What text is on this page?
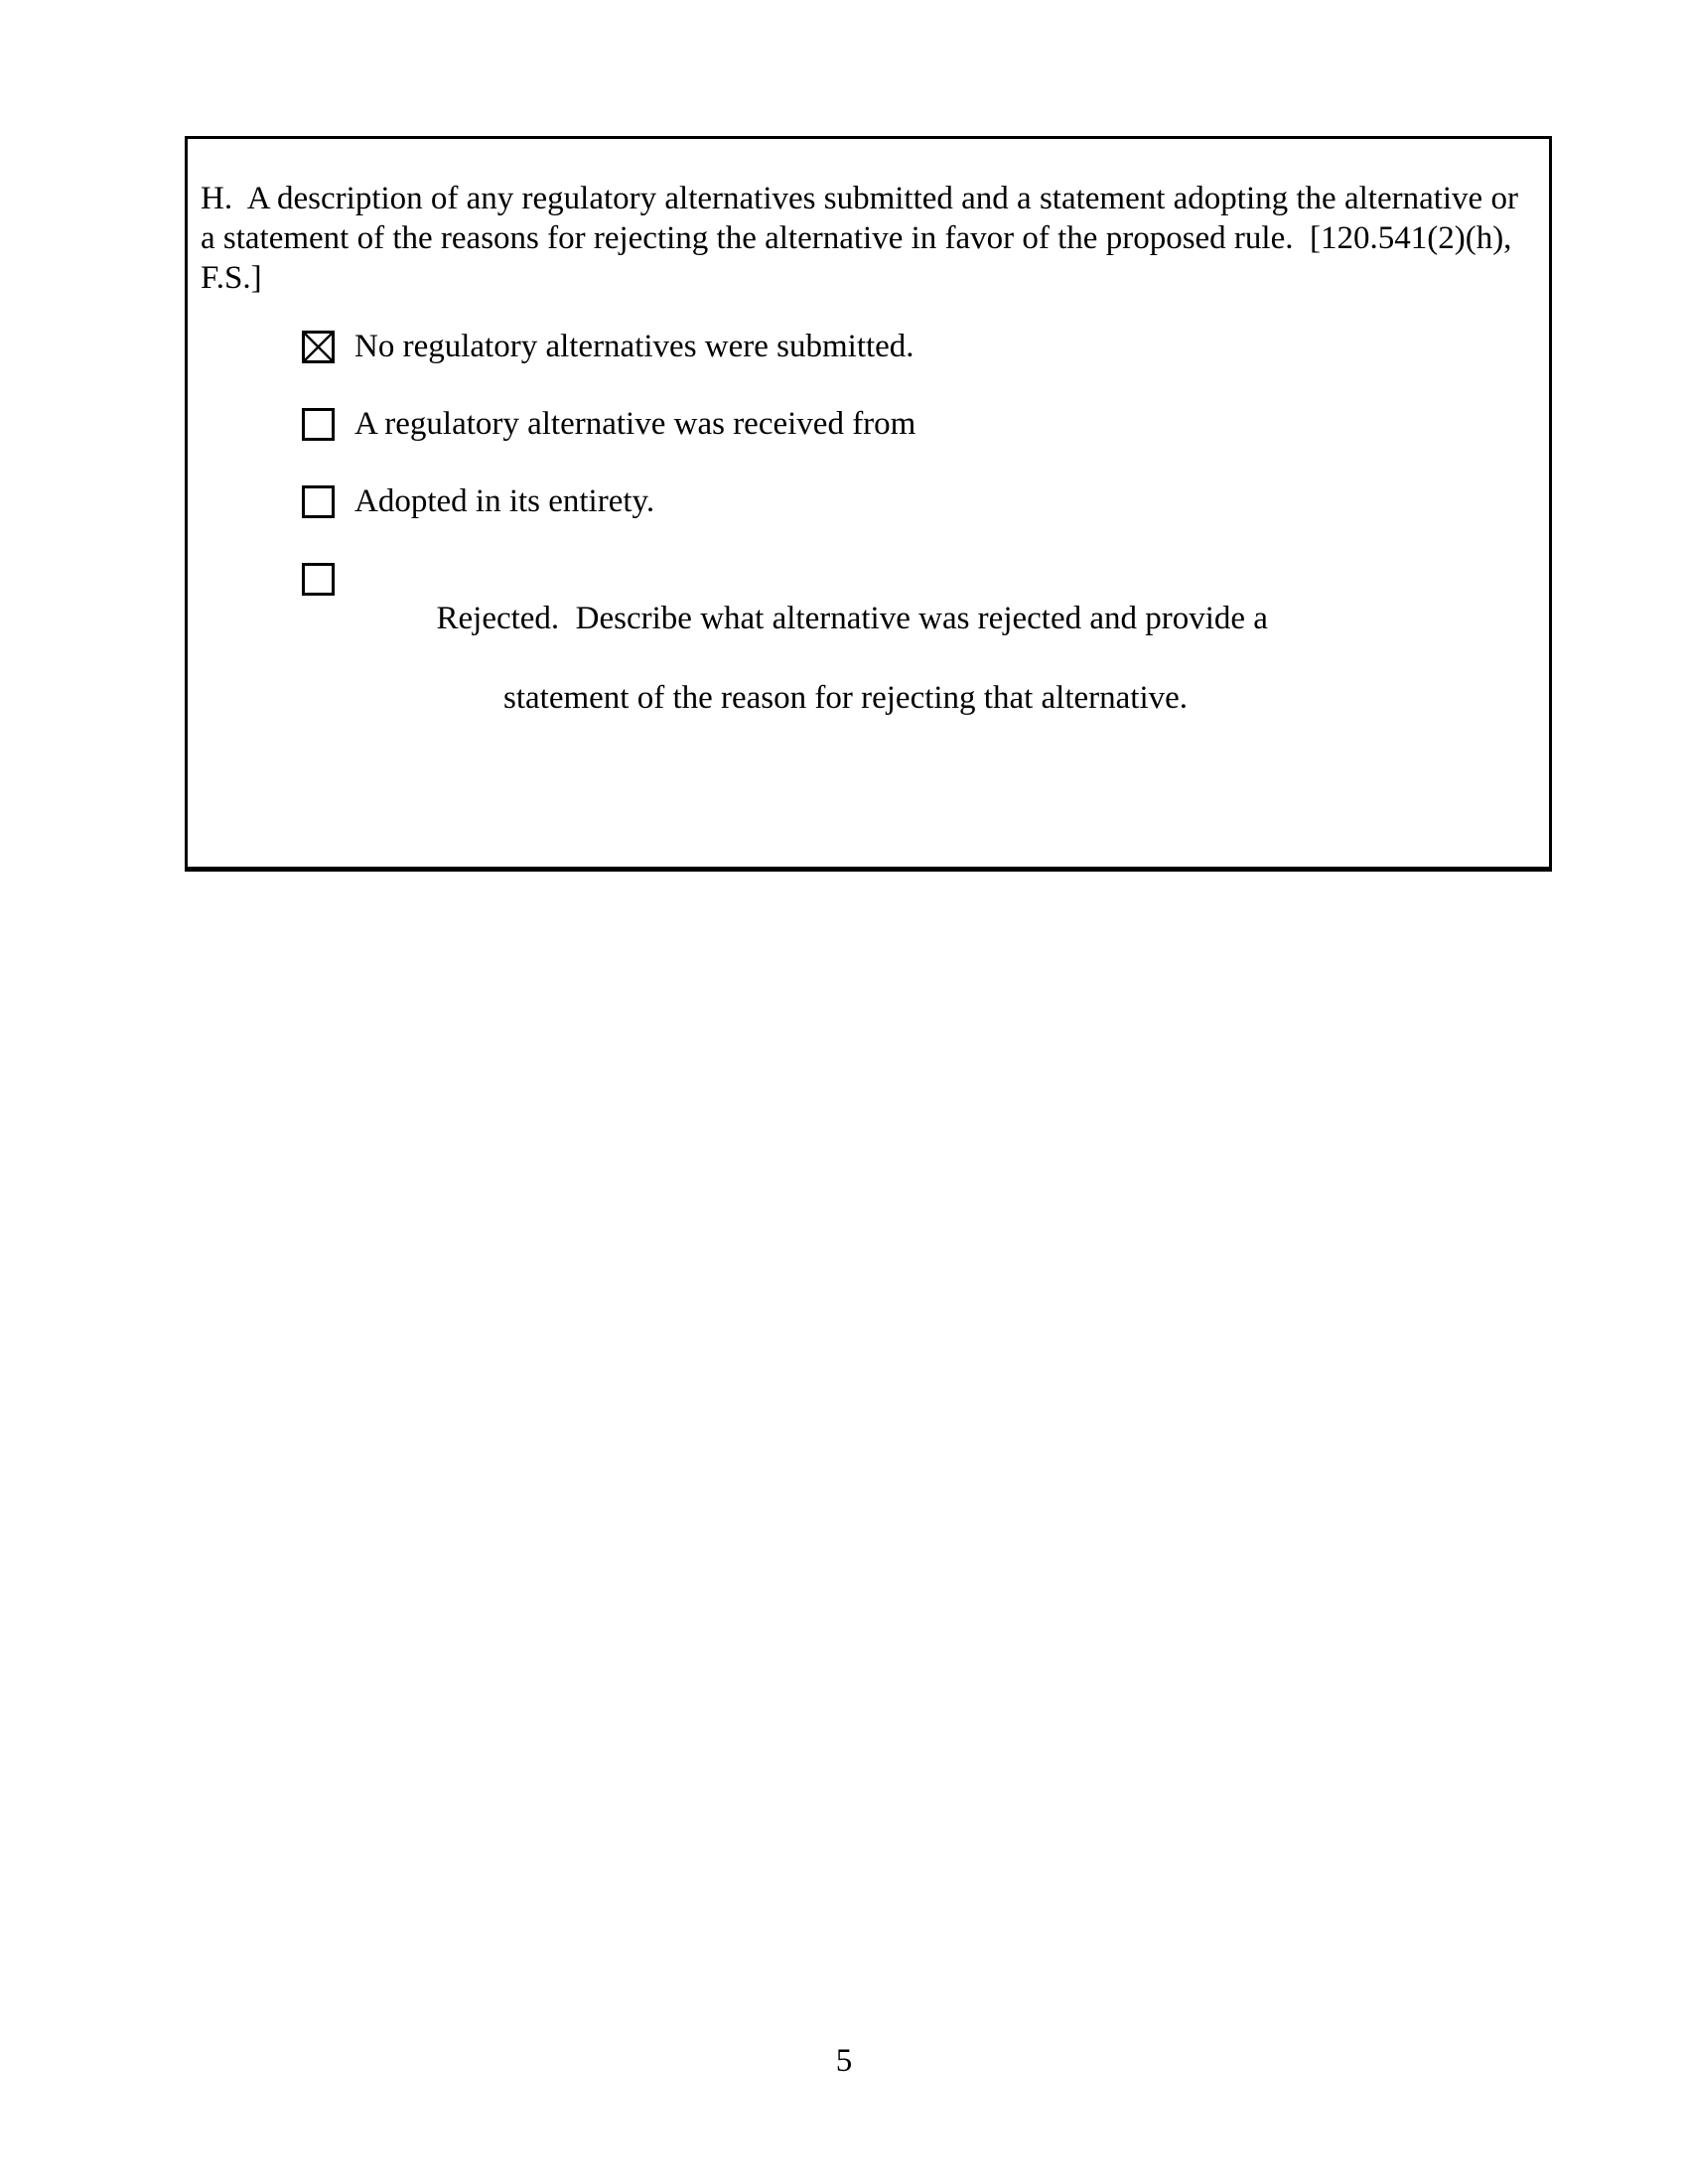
H.  A description of any regulatory alternatives submitted and a statement adopting the alternative or
a statement of the reasons for rejecting the alternative in favor of the proposed rule.  [120.541(2)(h),
F.S.]
No regulatory alternatives were submitted.
A regulatory alternative was received from
Adopted in its entirety.

Rejected.  Describe what alternative was rejected and provide a

statement of the reason for rejecting that alternative.

5
